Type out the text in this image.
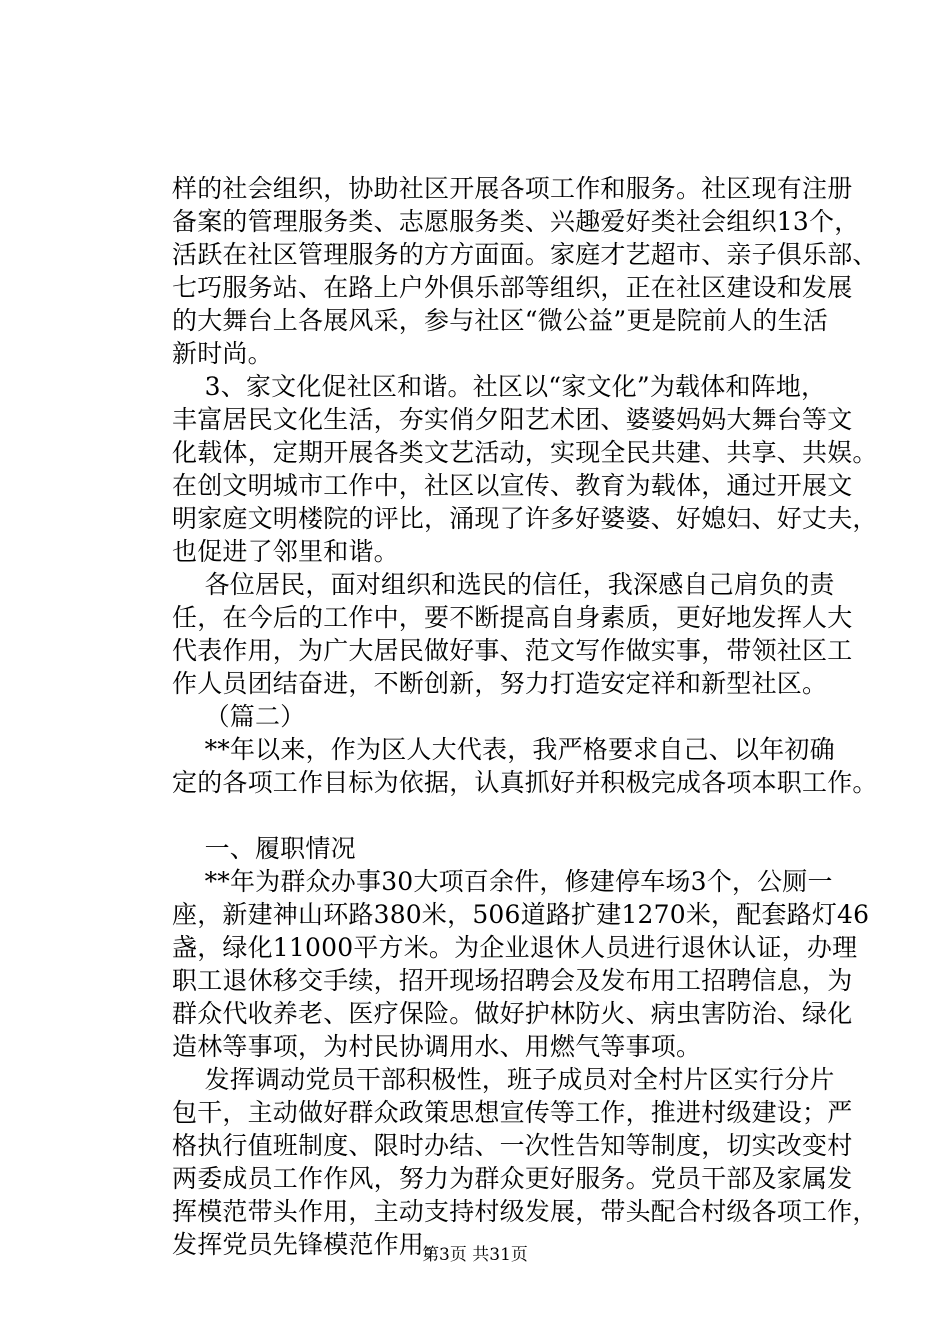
样的社会组织，协助社区开展各项工作和服务。社区现有注册
备案的管理服务类、志愿服务类、兴趣爱好类社会组织13个，
活跃在社区管理服务的方方面面。家庭才艺超市、亲子俱乐部、
七巧服务站、在路上户外俱乐部等组织，正在社区建设和发展
的大舞台上各展风采，参与社区“微公益”更是院前人的生活
新时尚。
3、家文化促社区和谐。社区以“家文化”为载体和阵地，
丰富居民文化生活，夯实俏夕阳艺术团、婆婆妈妈大舞台等文
化载体，定期开展各类文艺活动，实现全民共建、共享、共娱。
在创文明城市工作中，社区以宣传、教育为载体，通过开展文
明家庭文明楼院的评比，涌现了许多好婆婆、好媳妇、好丈夫，
也促进了邻里和谐。
各位居民，面对组织和选民的信任，我深感自己肩负的责
任，在今后的工作中，要不断提高自身素质，更好地发挥人大
代表作用，为广大居民做好事、范文写作做实事，带领社区工
作人员团结奋进，不断创新，努力打造安定祥和新型社区。
（篇二）
**年以来，作为区人大代表，我严格要求自己、以年初确
定的各项工作目标为依据，认真抓好并积极完成各项本职工作。
一、履职情况
**年为群众办事30大项百余件，修建停车场3个，公厕一
座，新建神山环路380米，506道路扩建1270米，配套路灯46
盏，绿化11000平方米。为企业退休人员进行退休认证，办理
职工退休移交手续，招开现场招聘会及发布用工招聘信息，为
群众代收养老、医疗保险。做好护林防火、病虫害防治、绿化
造林等事项，为村民协调用水、用燃气等事项。
发挥调动党员干部积极性，班子成员对全村片区实行分片
包干，主动做好群众政策思想宣传等工作，推进村级建设；严
格执行值班制度、限时办结、一次性告知等制度，切实改变村
两委成员工作作风，努力为群众更好服务。党员干部及家属发
挥模范带头作用，主动支持村级发展，带头配合村级各项工作，
发挥党员先锋模范作用。
第3页 共31页
